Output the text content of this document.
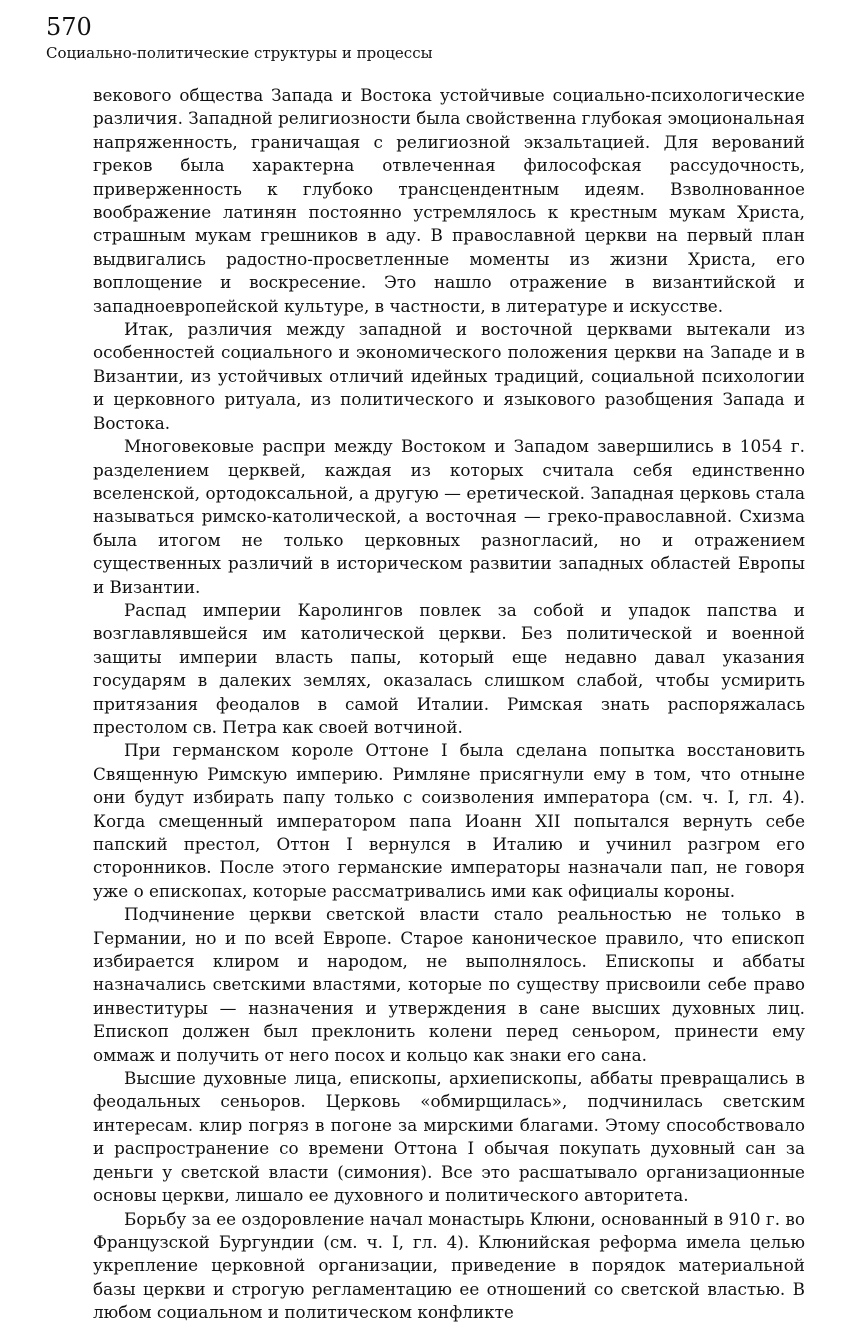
570
Социально-политические структуры и процессы

векового общества Запада и Востока устойчивые социально-психологические различия. Западной религиозности была свойственна глубокая эмоциональная напряженность, граничащая с религиозной экзальтацией. Для верований греков была характерна отвлеченная философская рассудочность, приверженность к глубоко трансцендентным идеям. Взволнованное воображение латинян постоянно устремлялось к крестным мукам Христа, страшным мукам грешников в аду. В православной церкви на первый план выдвигались радостно-просветленные моменты из жизни Христа, его воплощение и воскресение. Это нашло отражение в византийской и западноевропейской культуре, в частности, в литературе и искусстве.

Итак, различия между западной и восточной церквами вытекали из особенностей социального и экономического положения церкви на Западе и в Византии, из устойчивых отличий идейных традиций, социальной психологии и церковного ритуала, из политического и языкового разобщения Запада и Востока.

Многовековые распри между Востоком и Западом завершились в 1054 г. разделением церквей, каждая из которых считала себя единственно вселенской, ортодоксальной, а другую — еретической. Западная церковь стала называться римско-католической, а восточная — греко-православной. Схизма была итогом не только церковных разногласий, но и отражением существенных различий в историческом развитии западных областей Европы и Византии.

Распад империи Каролингов повлек за собой и упадок папства и возглавлявшейся им католической церкви. Без политической и военной защиты империи власть папы, который еще недавно давал указания государям в далеких землях, оказалась слишком слабой, чтобы усмирить притязания феодалов в самой Италии. Римская знать распоряжалась престолом св. Петра как своей вотчиной.

При германском короле Оттоне I была сделана попытка восстановить Священную Римскую империю. Римляне присягнули ему в том, что отныне они будут избирать папу только с соизволения императора (см. ч. I, гл. 4). Когда смещенный императором папа Иоанн XII попытался вернуть себе папский престол, Оттон I вернулся в Италию и учинил разгром его сторонников. После этого германские императоры назначали пап, не говоря уже о епископах, которые рассматривались ими как официалы короны.

Подчинение церкви светской власти стало реальностью не только в Германии, но и по всей Европе. Старое каноническое правило, что епископ избирается клиром и народом, не выполнялось. Епископы и аббаты назначались светскими властями, которые по существу присвоили себе право инвеституры — назначения и утверждения в сане высших духовных лиц. Епископ должен был преклонить колени перед сеньором, принести ему оммаж и получить от него посох и кольцо как знаки его сана.

Высшие духовные лица, епископы, архиепископы, аббаты превращались в феодальных сеньоров. Церковь «обмирщилась», подчинилась светским интересам. клир погряз в погоне за мирскими благами. Этому способствовало и распространение со времени Оттона I обычая покупать духовный сан за деньги у светской власти (симония). Все это расшатывало организационные основы церкви, лишало ее духовного и политического авторитета.

Борьбу за ее оздоровление начал монастырь Клюни, основанный в 910 г. во Французской Бургундии (см. ч. I, гл. 4). Клюнийская реформа имела целью укрепление церковной организации, приведение в порядок материальной базы церкви и строгую регламентацию ее отношений со светской властью. В любом социальном и политическом конфликте
